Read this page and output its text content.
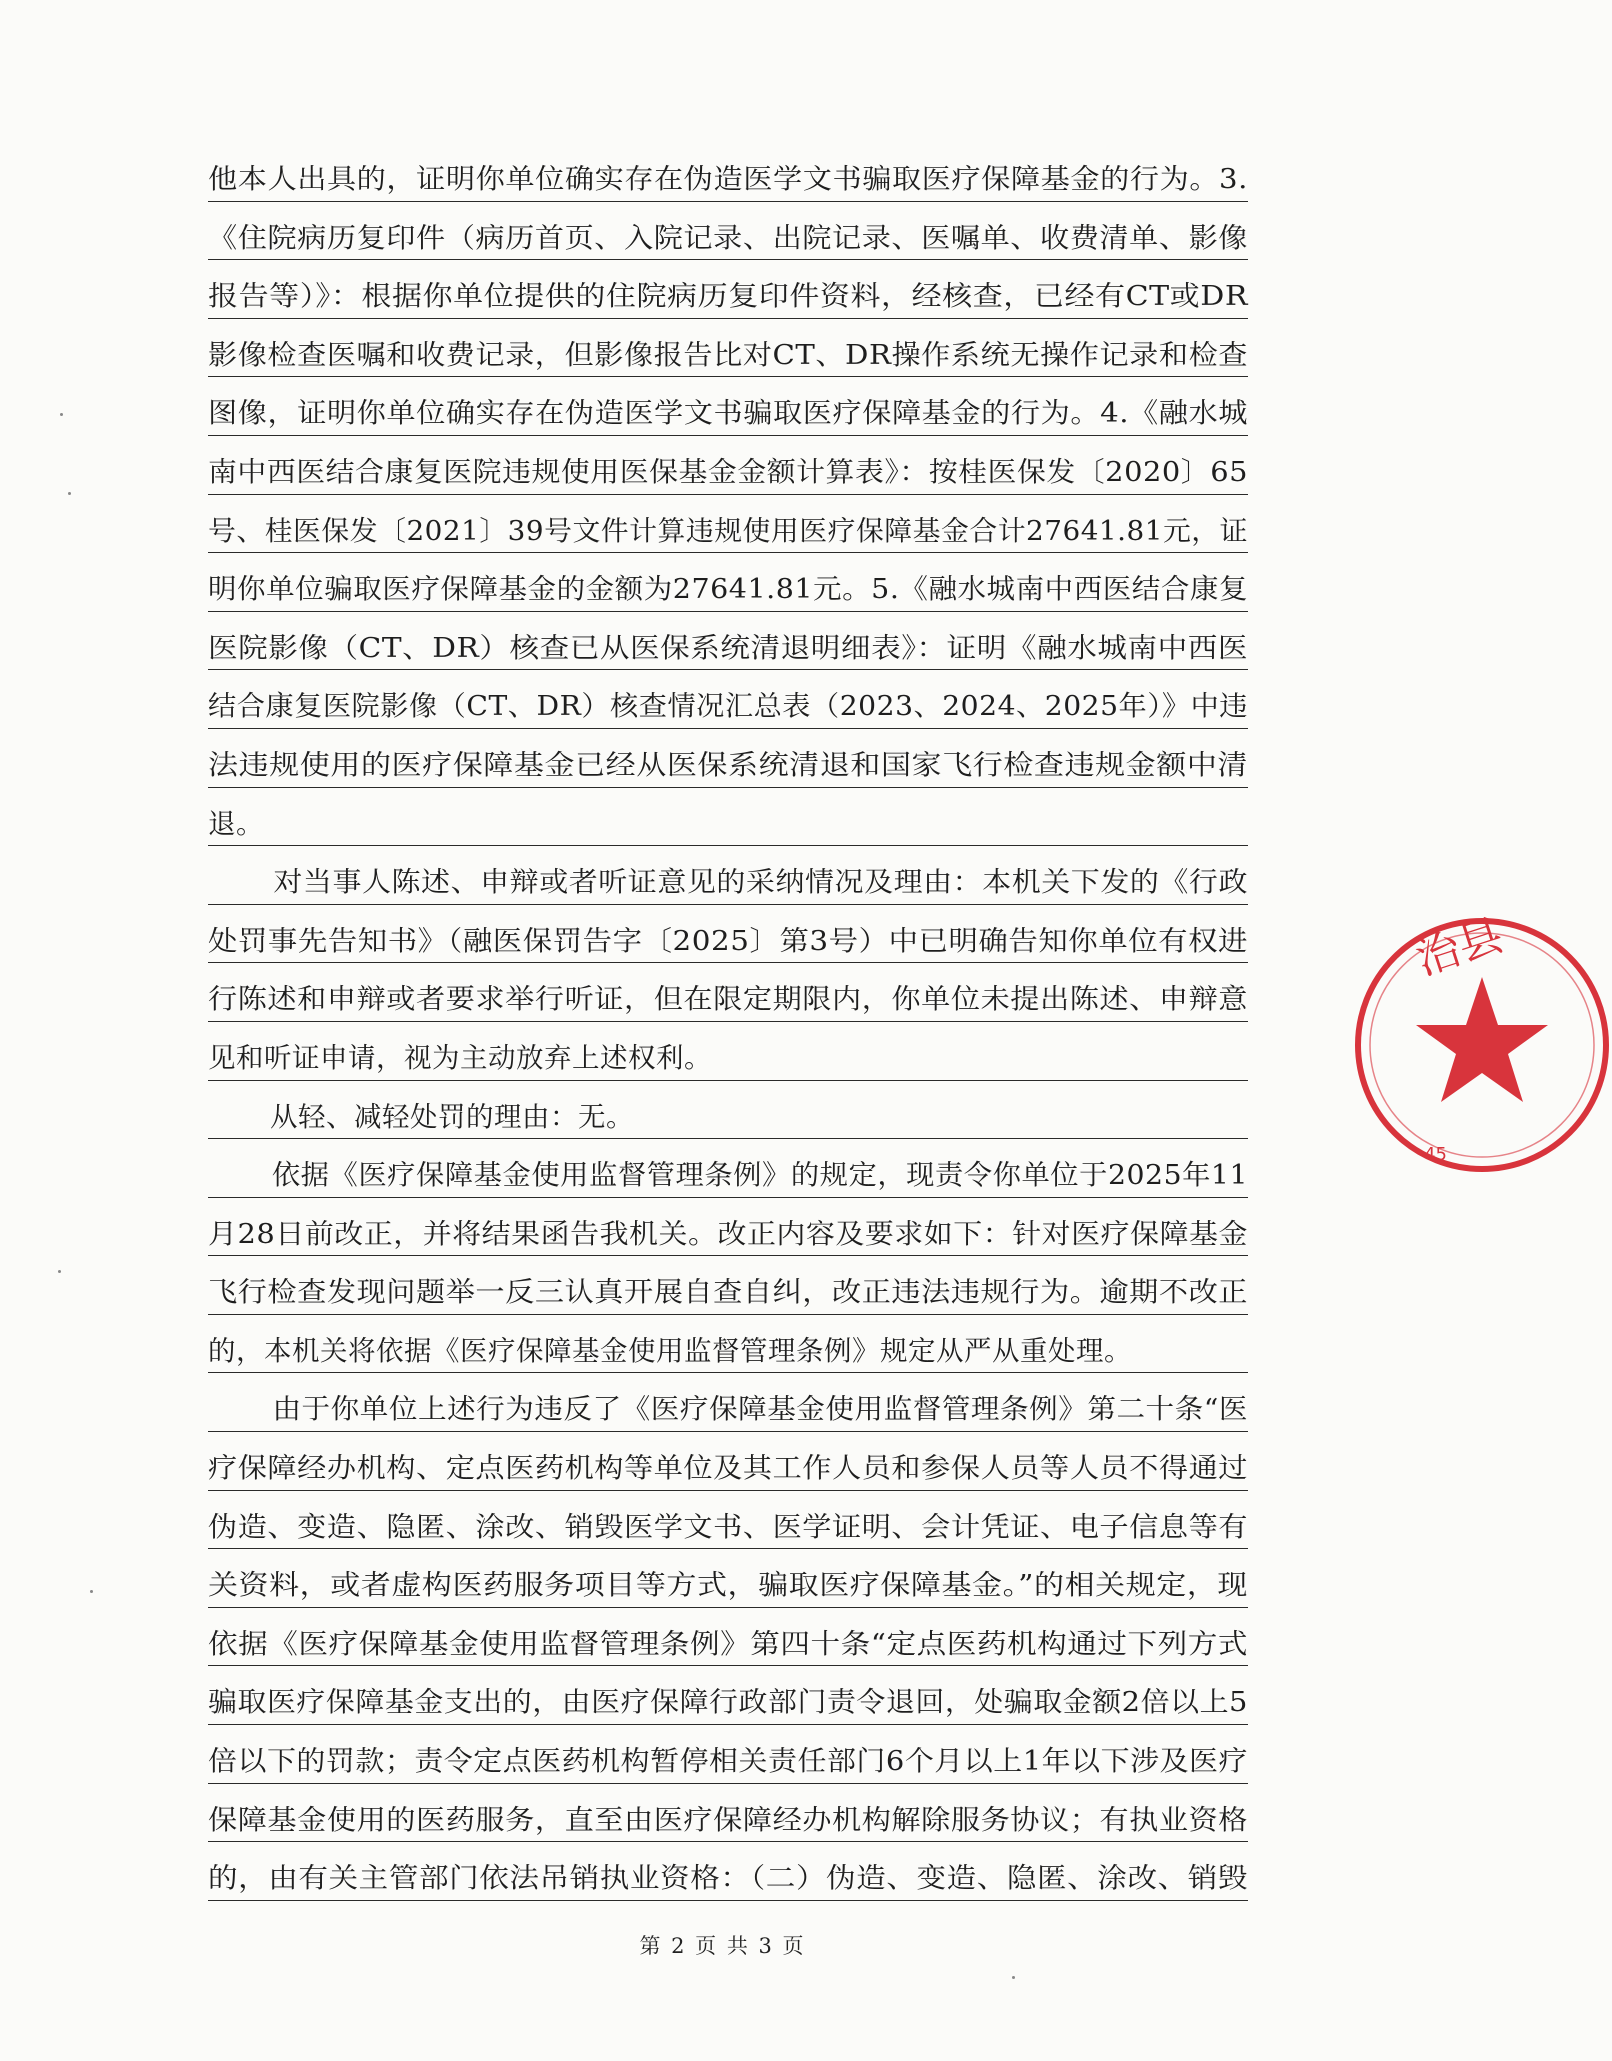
他本人出具的，证明你单位确实存在伪造医学文书骗取医疗保障基金的行为。3.
《住院病历复印件（病历首页、入院记录、出院记录、医嘱单、收费清单、影像
报告等）》：根据你单位提供的住院病历复印件资料，经核查，已经有CT或DR
影像检查医嘱和收费记录，但影像报告比对CT、DR操作系统无操作记录和检查
图像，证明你单位确实存在伪造医学文书骗取医疗保障基金的行为。4.《融水城
南中西医结合康复医院违规使用医保基金金额计算表》：按桂医保发〔2020〕65
号、桂医保发〔2021〕39号文件计算违规使用医疗保障基金合计27641.81元，证
明你单位骗取医疗保障基金的金额为27641.81元。5.《融水城南中西医结合康复
医院影像（CT、DR）核查已从医保系统清退明细表》：证明《融水城南中西医
结合康复医院影像（CT、DR）核查情况汇总表（2023、2024、2025年）》中违
法违规使用的医疗保障基金已经从医保系统清退和国家飞行检查违规金额中清
退。
对当事人陈述、申辩或者听证意见的采纳情况及理由：本机关下发的《行政
处罚事先告知书》（融医保罚告字〔2025〕第3号）中已明确告知你单位有权进
行陈述和申辩或者要求举行听证，但在限定期限内，你单位未提出陈述、申辩意
见和听证申请，视为主动放弃上述权利。
从轻、减轻处罚的理由：无。
依据《医疗保障基金使用监督管理条例》的规定，现责令你单位于2025年11
月28日前改正，并将结果函告我机关。改正内容及要求如下：针对医疗保障基金
飞行检查发现问题举一反三认真开展自查自纠，改正违法违规行为。逾期不改正
的，本机关将依据《医疗保障基金使用监督管理条例》规定从严从重处理。
由于你单位上述行为违反了《医疗保障基金使用监督管理条例》第二十条“医
疗保障经办机构、定点医药机构等单位及其工作人员和参保人员等人员不得通过
伪造、变造、隐匿、涂改、销毁医学文书、医学证明、会计凭证、电子信息等有
关资料，或者虚构医药服务项目等方式，骗取医疗保障基金。”的相关规定，现
依据《医疗保障基金使用监督管理条例》第四十条“定点医药机构通过下列方式
骗取医疗保障基金支出的，由医疗保障行政部门责令退回，处骗取金额2倍以上5
倍以下的罚款；责令定点医药机构暂停相关责任部门6个月以上1年以下涉及医疗
保障基金使用的医药服务，直至由医疗保障经办机构解除服务协议；有执业资格
的，由有关主管部门依法吊销执业资格：（二）伪造、变造、隐匿、涂改、销毁
第 2 页 共 3 页
治县
45
